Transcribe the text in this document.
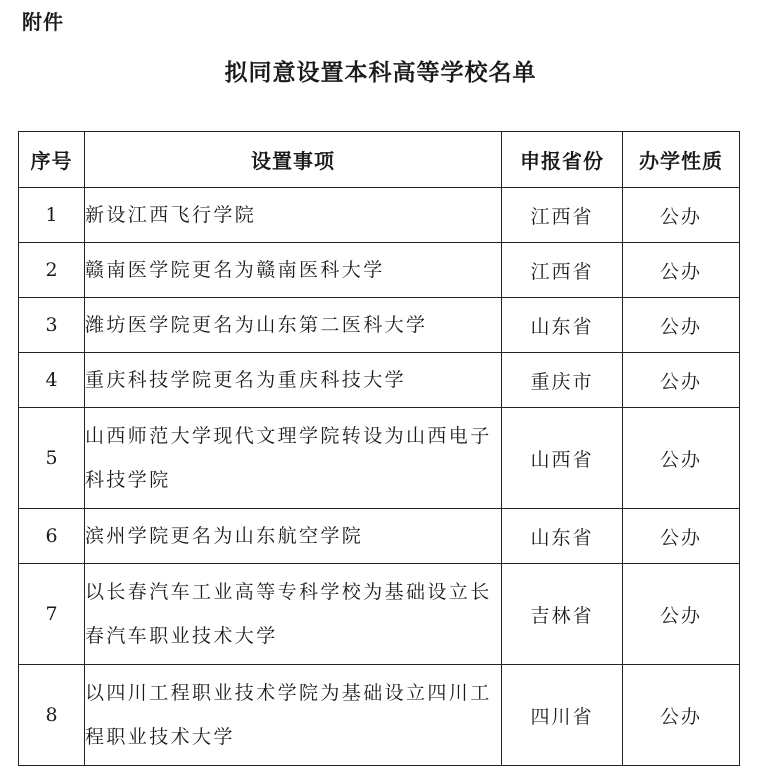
附件
拟同意设置本科高等学校名单
序号	设置事项	申报省份	办学性质
1	新设江西飞行学院	江西省	公办
2	赣南医学院更名为赣南医科大学	江西省	公办
3	潍坊医学院更名为山东第二医科大学	山东省	公办
4	重庆科技学院更名为重庆科技大学	重庆市	公办
5	山西师范大学现代文理学院转设为山西电子科技学院	山西省	公办
6	滨州学院更名为山东航空学院	山东省	公办
7	以长春汽车工业高等专科学校为基础设立长春汽车职业技术大学	吉林省	公办
8	以四川工程职业技术学院为基础设立四川工程职业技术大学	四川省	公办
